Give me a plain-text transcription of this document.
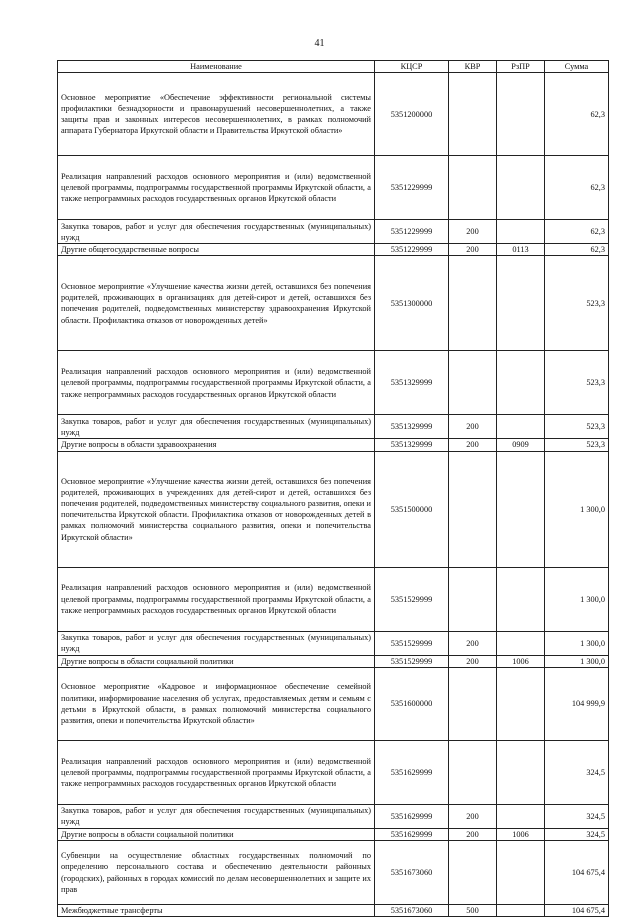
41
Наименование	КЦСР	КВР	РзПР	Сумма
Основное мероприятие «Обеспечение эффективности региональной системы профилактики безнадзорности и правонарушений несовершеннолетних, а также защиты прав и законных интересов несовершеннолетних, в рамках полномочий аппарата Губернатора Иркутской области и Правительства Иркутской области»	5351200000			62,3
Реализация направлений расходов основного мероприятия и (или) ведомственной целевой программы, подпрограммы государственной программы Иркутской области, а также непрограммных расходов государственных органов Иркутской области	5351229999			62,3
Закупка товаров, работ и услуг для обеспечения государственных (муниципальных) нужд	5351229999	200		62,3
Другие общегосударственные вопросы	5351229999	200	0113	62,3
Основное мероприятие «Улучшение качества жизни детей, оставшихся без попечения родителей, проживающих в организациях для детей-сирот и детей, оставшихся без попечения родителей, подведомственных министерству здравоохранения Иркутской области. Профилактика отказов от новорожденных детей»	5351300000			523,3
Реализация направлений расходов основного мероприятия и (или) ведомственной целевой программы, подпрограммы государственной программы Иркутской области, а также непрограммных расходов государственных органов Иркутской области	5351329999			523,3
Закупка товаров, работ и услуг для обеспечения государственных (муниципальных) нужд	5351329999	200		523,3
Другие вопросы в области здравоохранения	5351329999	200	0909	523,3
Основное мероприятие «Улучшение качества жизни детей, оставшихся без попечения родителей, проживающих в учреждениях для детей-сирот и детей, оставшихся без попечения родителей, подведомственных министерству социального развития, опеки и попечительства Иркутской области. Профилактика отказов от новорожденных детей в рамках полномочий министерства социального развития, опеки и попечительства Иркутской области»	5351500000			1 300,0
Реализация направлений расходов основного мероприятия и (или) ведомственной целевой программы, подпрограммы государственной программы Иркутской области, а также непрограммных расходов государственных органов Иркутской области	5351529999			1 300,0
Закупка товаров, работ и услуг для обеспечения государственных (муниципальных) нужд	5351529999	200		1 300,0
Другие вопросы в области социальной политики	5351529999	200	1006	1 300,0
Основное мероприятие «Кадровое и информационное обеспечение семейной политики, информирование населения об услугах, предоставляемых детям и семьям с детьми в Иркутской области, в рамках полномочий министерства социального развития, опеки и попечительства Иркутской области»	5351600000			104 999,9
Реализация направлений расходов основного мероприятия и (или) ведомственной целевой программы, подпрограммы государственной программы Иркутской области, а также непрограммных расходов государственных органов Иркутской области	5351629999			324,5
Закупка товаров, работ и услуг для обеспечения государственных (муниципальных) нужд	5351629999	200		324,5
Другие вопросы в области социальной политики	5351629999	200	1006	324,5
Субвенции на осуществление областных государственных полномочий по определению персонального состава и обеспечению деятельности районных (городских), районных в городах комиссий по делам несовершеннолетних и защите их прав	5351673060			104 675,4
Межбюджетные трансферты	5351673060	500		104 675,4
